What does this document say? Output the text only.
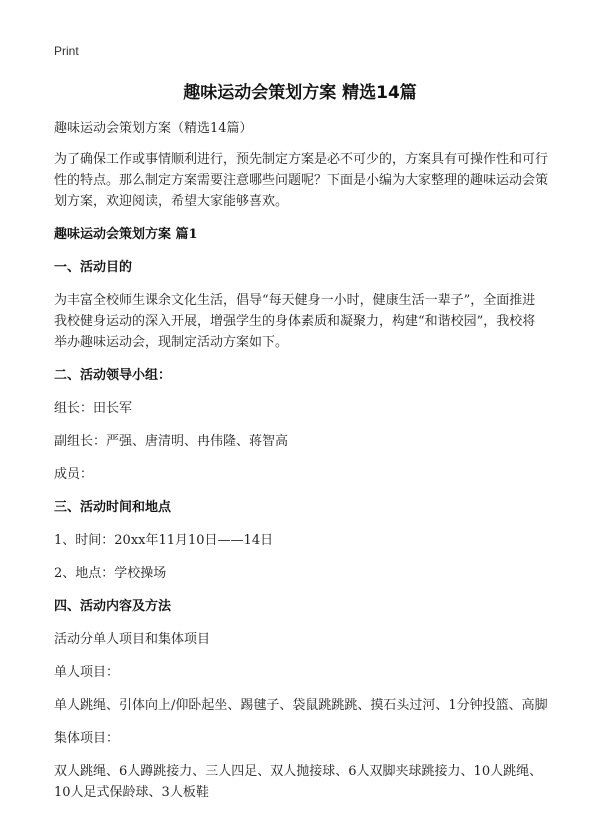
Print
趣味运动会策划方案 精选14篇

趣味运动会策划方案（精选14篇）

为了确保工作或事情顺利进行，预先制定方案是必不可少的，方案具有可操作性和可行性的特点。那么制定方案需要注意哪些问题呢？下面是小编为大家整理的趣味运动会策划方案，欢迎阅读，希望大家能够喜欢。

趣味运动会策划方案 篇1
一、活动目的

为丰富全校师生课余文化生活，倡导“每天健身一小时，健康生活一辈子”，全面推进我校健身运动的深入开展，增强学生的身体素质和凝聚力，构建“和谐校园”，我校将举办趣味运动会，现制定活动方案如下。

二、活动领导小组：

组长：田长军

副组长：严强、唐清明、冉伟隆、蒋智高

成员：

三、活动时间和地点

1、时间：20xx年11月10日——14日

2、地点：学校操场

四、活动内容及方法

活动分单人项目和集体项目

单人项目：

单人跳绳、引体向上/仰卧起坐、踢毽子、袋鼠跳跳跳、摸石头过河、1分钟投篮、高脚

集体项目：

双人跳绳、6人蹲跳接力、三人四足、双人抛接球、6人双脚夹球跳接力、10人跳绳、10人足式保龄球、3人板鞋
